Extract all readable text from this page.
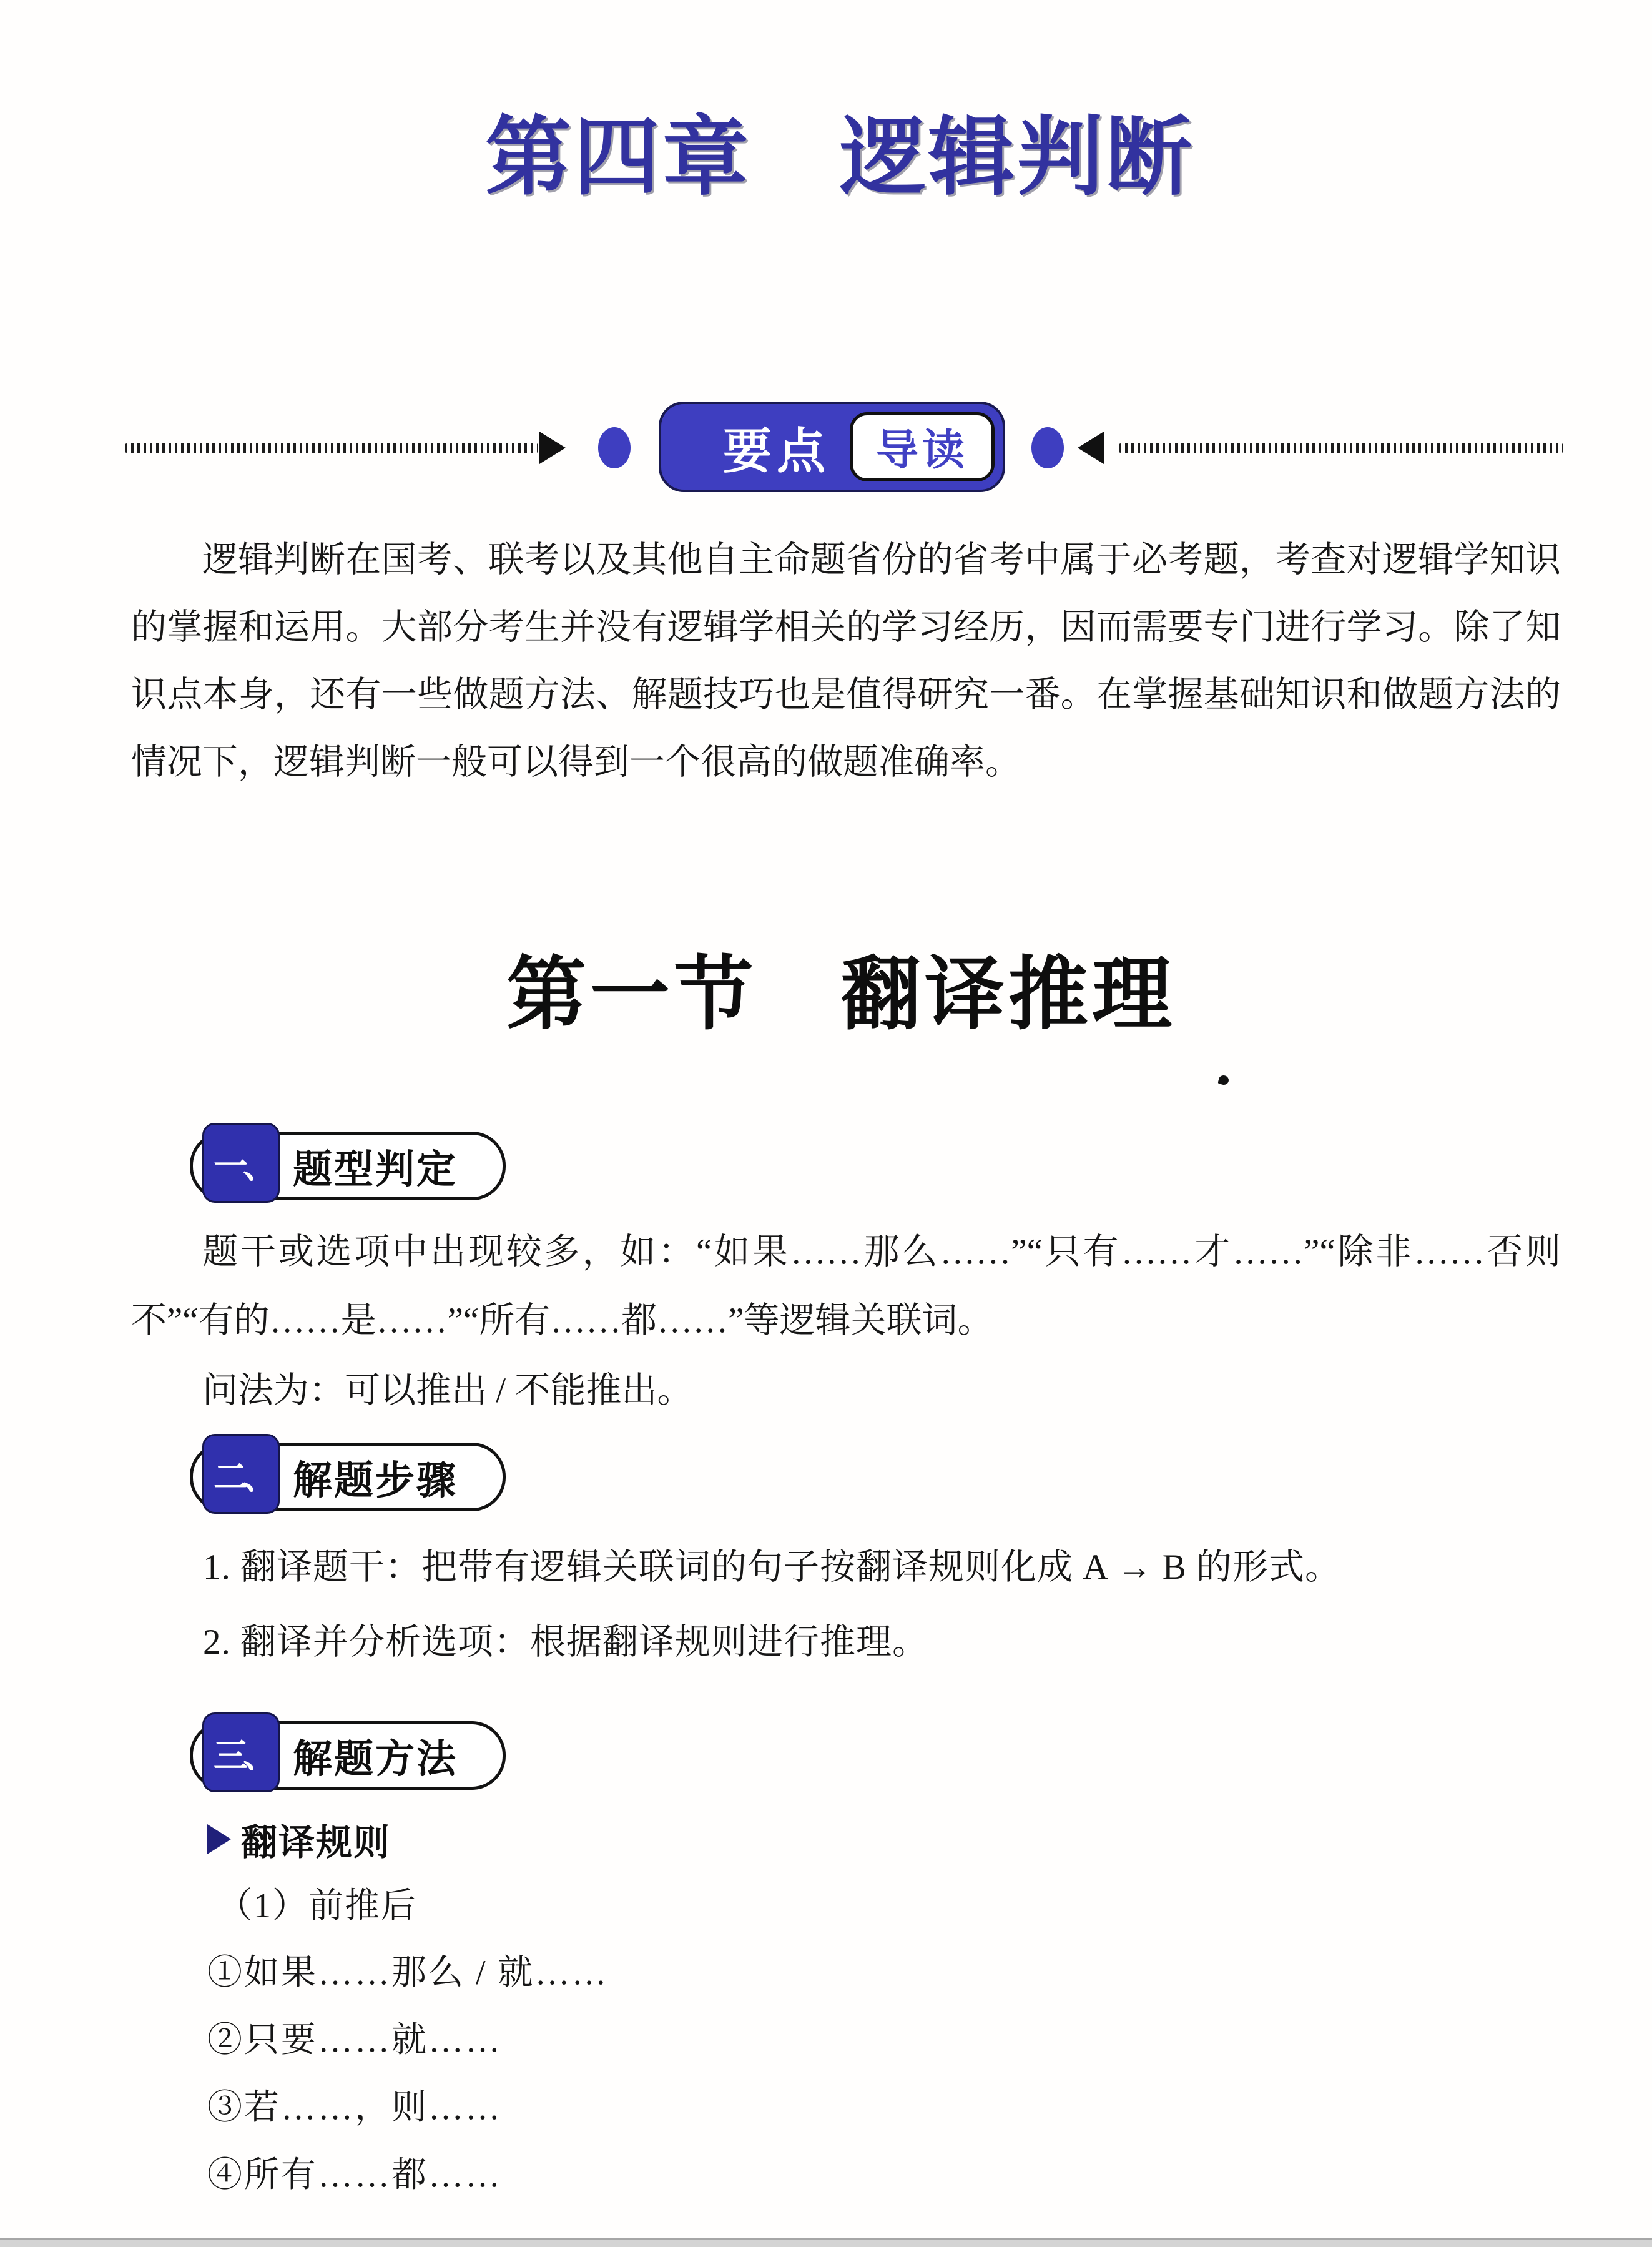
第四章　逻辑判断
要点	导读

逻辑判断在国考、联考以及其他自主命题省份的省考中属于必考题，考查对逻辑学知识的掌握和运用。大部分考生并没有逻辑学相关的学习经历，因而需要专门进行学习。除了知识点本身，还有一些做题方法、解题技巧也是值得研究一番。在掌握基础知识和做题方法的情况下，逻辑判断一般可以得到一个很高的做题准确率。

第一节　翻译推理
题型判定
一、

题干或选项中出现较多，如：“如果……那么……”“只有……才……”“除非……否则不”“有的……是……”“所有……都……”等逻辑关联词。

问法为：可以推出 / 不能推出。

解题步骤
二、

1. 翻译题干：把带有逻辑关联词的句子按翻译规则化成 A → B 的形式。

2. 翻译并分析选项：根据翻译规则进行推理。

解题方法
三、
翻译规则

（1）前推后

①如果……那么 / 就……

②只要……就……

③若……，则……

④所有……都……
